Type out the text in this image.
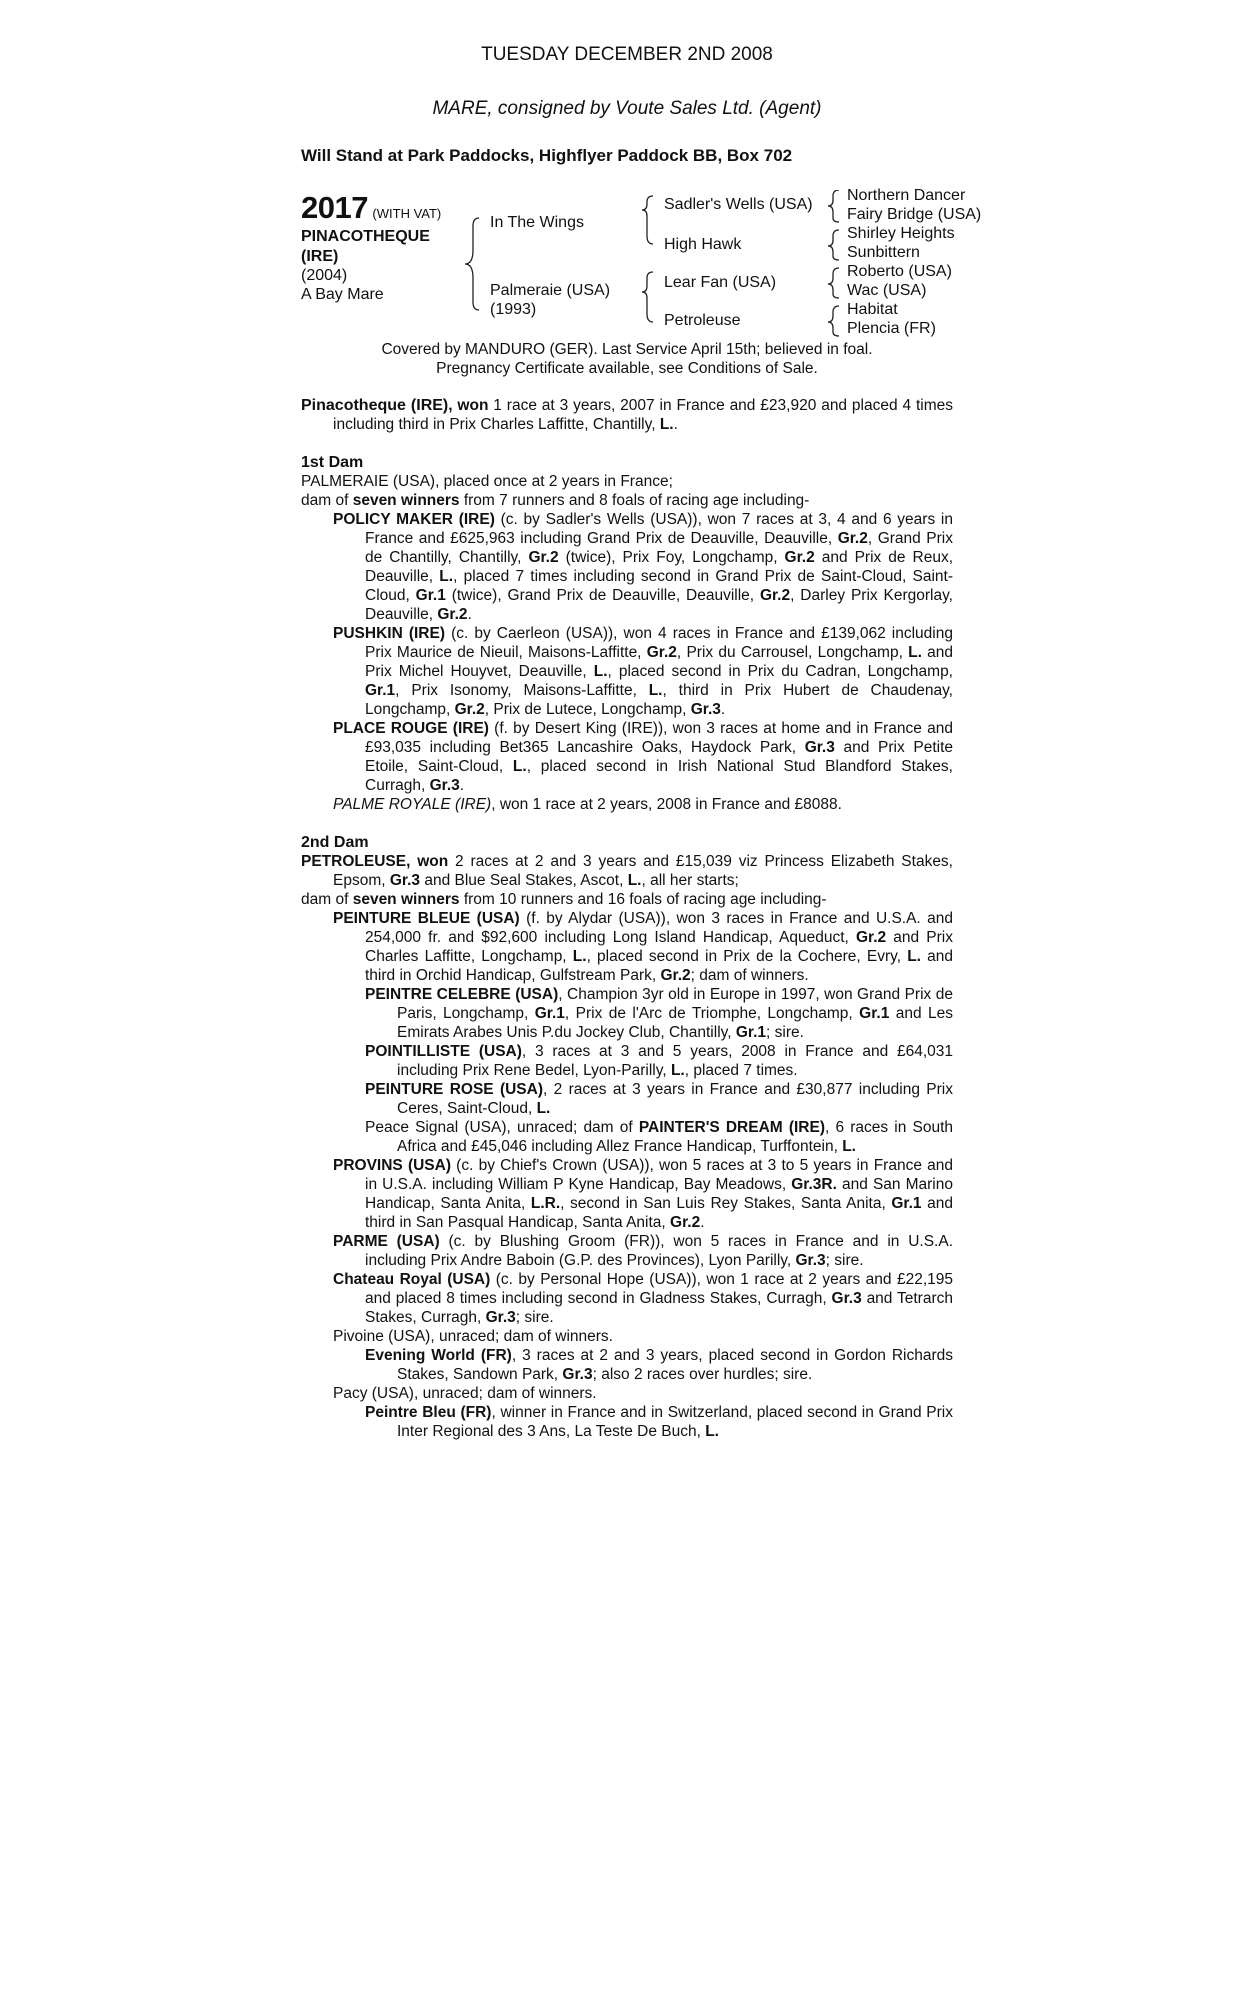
TUESDAY DECEMBER 2ND 2008
MARE, consigned by Voute Sales Ltd. (Agent)
Will Stand at Park Paddocks, Highflyer Paddock BB, Box 702
2017 (WITH VAT)
PINACOTHEQUE
(IRE)
(2004)
A Bay Mare
In The Wings
Palmeraie (USA)
(1993)
Sadler's Wells (USA)
High Hawk
Lear Fan (USA)
Petroleuse
Northern Dancer
Fairy Bridge (USA)
Shirley Heights
Sunbittern
Roberto (USA)
Wac (USA)
Habitat
Plencia (FR)
Covered by MANDURO (GER). Last Service April 15th; believed in foal.
Pregnancy Certificate available, see Conditions of Sale.

Pinacotheque (IRE), won 1 race at 3 years, 2007 in France and £23,920 and placed 4 times including third in Prix Charles Laffitte, Chantilly, L..

1st Dam

PALMERAIE (USA), placed once at 2 years in France;

dam of seven winners from 7 runners and 8 foals of racing age including-

POLICY MAKER (IRE) (c. by Sadler's Wells (USA)), won 7 races at 3, 4 and 6 years in France and £625,963 including Grand Prix de Deauville, Deauville, Gr.2, Grand Prix de Chantilly, Chantilly, Gr.2 (twice), Prix Foy, Longchamp, Gr.2 and Prix de Reux, Deauville, L., placed 7 times including second in Grand Prix de Saint-Cloud, Saint-Cloud, Gr.1 (twice), Grand Prix de Deauville, Deauville, Gr.2, Darley Prix Kergorlay, Deauville, Gr.2.

PUSHKIN (IRE) (c. by Caerleon (USA)), won 4 races in France and £139,062 including Prix Maurice de Nieuil, Maisons-Laffitte, Gr.2, Prix du Carrousel, Longchamp, L. and Prix Michel Houyvet, Deauville, L., placed second in Prix du Cadran, Longchamp, Gr.1, Prix Isonomy, Maisons-Laffitte, L., third in Prix Hubert de Chaudenay, Longchamp, Gr.2, Prix de Lutece, Longchamp, Gr.3.

PLACE ROUGE (IRE) (f. by Desert King (IRE)), won 3 races at home and in France and £93,035 including Bet365 Lancashire Oaks, Haydock Park, Gr.3 and Prix Petite Etoile, Saint-Cloud, L., placed second in Irish National Stud Blandford Stakes, Curragh, Gr.3.

PALME ROYALE (IRE), won 1 race at 2 years, 2008 in France and £8088.

2nd Dam

PETROLEUSE, won 2 races at 2 and 3 years and £15,039 viz Princess Elizabeth Stakes, Epsom, Gr.3 and Blue Seal Stakes, Ascot, L., all her starts;

dam of seven winners from 10 runners and 16 foals of racing age including-

PEINTURE BLEUE (USA) (f. by Alydar (USA)), won 3 races in France and U.S.A. and 254,000 fr. and $92,600 including Long Island Handicap, Aqueduct, Gr.2 and Prix Charles Laffitte, Longchamp, L., placed second in Prix de la Cochere, Evry, L. and third in Orchid Handicap, Gulfstream Park, Gr.2; dam of winners.

PEINTRE CELEBRE (USA), Champion 3yr old in Europe in 1997, won Grand Prix de Paris, Longchamp, Gr.1, Prix de l'Arc de Triomphe, Longchamp, Gr.1 and Les Emirats Arabes Unis P.du Jockey Club, Chantilly, Gr.1; sire.

POINTILLISTE (USA), 3 races at 3 and 5 years, 2008 in France and £64,031 including Prix Rene Bedel, Lyon-Parilly, L., placed 7 times.

PEINTURE ROSE (USA), 2 races at 3 years in France and £30,877 including Prix Ceres, Saint-Cloud, L.

Peace Signal (USA), unraced; dam of PAINTER'S DREAM (IRE), 6 races in South Africa and £45,046 including Allez France Handicap, Turffontein, L.

PROVINS (USA) (c. by Chief's Crown (USA)), won 5 races at 3 to 5 years in France and in U.S.A. including William P Kyne Handicap, Bay Meadows, Gr.3R. and San Marino Handicap, Santa Anita, L.R., second in San Luis Rey Stakes, Santa Anita, Gr.1 and third in San Pasqual Handicap, Santa Anita, Gr.2.

PARME (USA) (c. by Blushing Groom (FR)), won 5 races in France and in U.S.A. including Prix Andre Baboin (G.P. des Provinces), Lyon Parilly, Gr.3; sire.

Chateau Royal (USA) (c. by Personal Hope (USA)), won 1 race at 2 years and £22,195 and placed 8 times including second in Gladness Stakes, Curragh, Gr.3 and Tetrarch Stakes, Curragh, Gr.3; sire.

Pivoine (USA), unraced; dam of winners.

Evening World (FR), 3 races at 2 and 3 years, placed second in Gordon Richards Stakes, Sandown Park, Gr.3; also 2 races over hurdles; sire.

Pacy (USA), unraced; dam of winners.

Peintre Bleu (FR), winner in France and in Switzerland, placed second in Grand Prix Inter Regional des 3 Ans, La Teste De Buch, L.
